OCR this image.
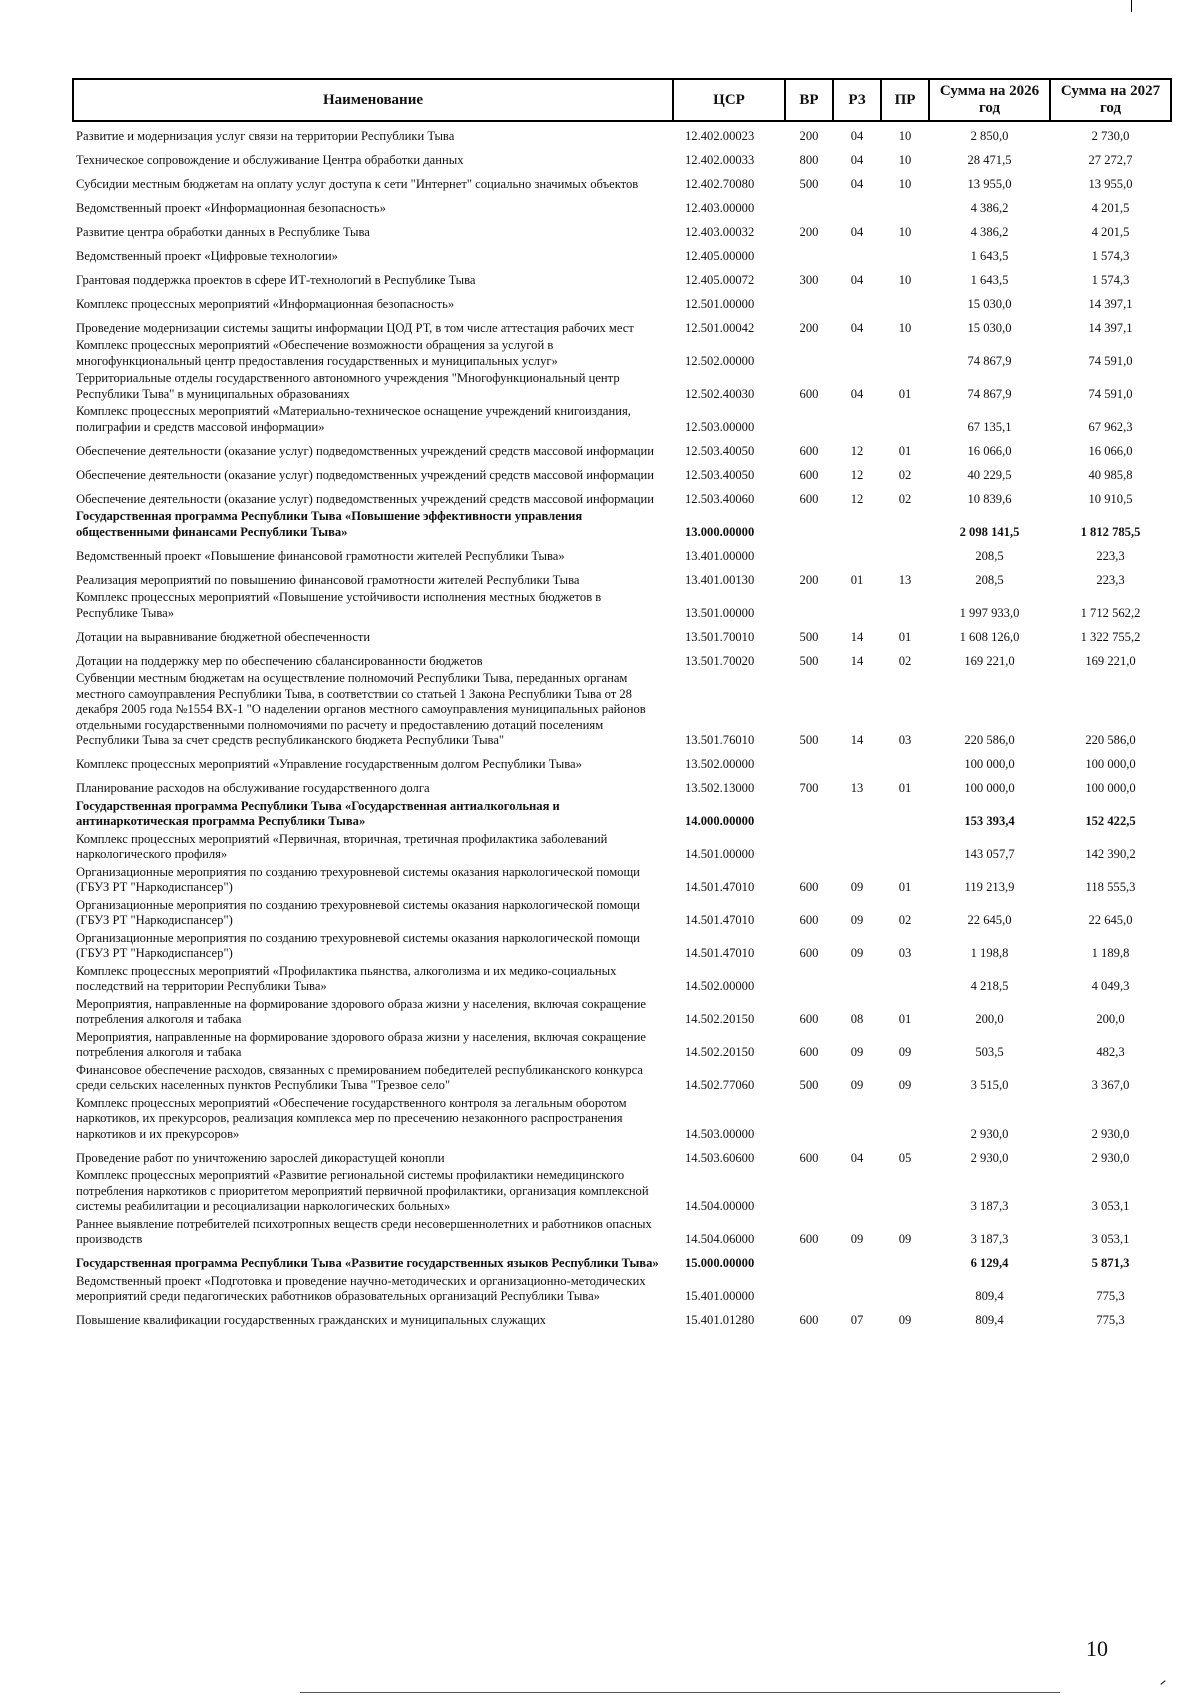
Наименование	ЦСР	ВР	РЗ	ПР	Сумма на 2026 год	Сумма на 2027 год
Развитие и модернизация услуг связи на территории Республики Тыва	12.402.00023	200	04	10	2 850,0	2 730,0
Техническое сопровождение и обслуживание Центра обработки данных	12.402.00033	800	04	10	28 471,5	27 272,7
Субсидии местным бюджетам на оплату услуг доступа к сети "Интернет" социально значимых объектов	12.402.70080	500	04	10	13 955,0	13 955,0
Ведомственный проект «Информационная безопасность»	12.403.00000				4 386,2	4 201,5
Развитие центра обработки данных в Республике Тыва	12.403.00032	200	04	10	4 386,2	4 201,5
Ведомственный проект «Цифровые технологии»	12.405.00000				1 643,5	1 574,3
Грантовая поддержка проектов в сфере ИТ-технологий в Республике Тыва	12.405.00072	300	04	10	1 643,5	1 574,3
Комплекс процессных мероприятий «Информационная безопасность»	12.501.00000				15 030,0	14 397,1
Проведение модернизации системы защиты информации ЦОД РТ, в том числе аттестация рабочих мест	12.501.00042	200	04	10	15 030,0	14 397,1
Комплекс процессных мероприятий «Обеспечение возможности обращения за услугой в многофункциональный центр предоставления государственных и муниципальных услуг»	12.502.00000				74 867,9	74 591,0
Территориальные отделы государственного автономного учреждения "Многофункциональный центр Республики Тыва" в муниципальных образованиях	12.502.40030	600	04	01	74 867,9	74 591,0
Комплекс процессных мероприятий «Материально-техническое оснащение учреждений книгоиздания, полиграфии и средств массовой информации»	12.503.00000				67 135,1	67 962,3
Обеспечение деятельности (оказание услуг) подведомственных учреждений средств массовой информации	12.503.40050	600	12	01	16 066,0	16 066,0
Обеспечение деятельности (оказание услуг) подведомственных учреждений средств массовой информации	12.503.40050	600	12	02	40 229,5	40 985,8
Обеспечение деятельности (оказание услуг) подведомственных учреждений средств массовой информации	12.503.40060	600	12	02	10 839,6	10 910,5
Государственная программа Республики Тыва «Повышение эффективности управления общественными финансами Республики Тыва»	13.000.00000				2 098 141,5	1 812 785,5
Ведомственный проект «Повышение финансовой грамотности жителей Республики Тыва»	13.401.00000				208,5	223,3
Реализация мероприятий по повышению финансовой грамотности жителей Республики Тыва	13.401.00130	200	01	13	208,5	223,3
Комплекс процессных мероприятий «Повышение устойчивости исполнения местных бюджетов в Республике Тыва»	13.501.00000				1 997 933,0	1 712 562,2
Дотации на выравнивание бюджетной обеспеченности	13.501.70010	500	14	01	1 608 126,0	1 322 755,2
Дотации на поддержку мер по обеспечению сбалансированности бюджетов	13.501.70020	500	14	02	169 221,0	169 221,0
Субвенции местным бюджетам на осуществление полномочий Республики Тыва, переданных органам местного самоуправления Республики Тыва, в соответствии со статьей 1 Закона Республики Тыва от 28 декабря 2005 года №1554 ВХ-1 "О наделении органов местного самоуправления муниципальных районов отдельными государственными полномочиями по расчету и предоставлению дотаций поселениям Республики Тыва за счет средств республиканского бюджета Республики Тыва"	13.501.76010	500	14	03	220 586,0	220 586,0
Комплекс процессных мероприятий «Управление государственным долгом Республики Тыва»	13.502.00000				100 000,0	100 000,0
Планирование расходов на обслуживание государственного долга	13.502.13000	700	13	01	100 000,0	100 000,0
Государственная программа Республики Тыва «Государственная антиалкогольная и антинаркотическая программа Республики Тыва»	14.000.00000				153 393,4	152 422,5
Комплекс процессных мероприятий «Первичная, вторичная, третичная профилактика заболеваний наркологического профиля»	14.501.00000				143 057,7	142 390,2
Организационные мероприятия по созданию трехуровневой системы оказания наркологической помощи (ГБУЗ РТ "Наркодиспансер")	14.501.47010	600	09	01	119 213,9	118 555,3
Организационные мероприятия по созданию трехуровневой системы оказания наркологической помощи (ГБУЗ РТ "Наркодиспансер")	14.501.47010	600	09	02	22 645,0	22 645,0
Организационные мероприятия по созданию трехуровневой системы оказания наркологической помощи (ГБУЗ РТ "Наркодиспансер")	14.501.47010	600	09	03	1 198,8	1 189,8
Комплекс процессных мероприятий «Профилактика пьянства, алкоголизма и их медико-социальных последствий на территории Республики Тыва»	14.502.00000				4 218,5	4 049,3
Мероприятия, направленные на формирование здорового образа жизни у населения, включая сокращение потребления алкоголя и табака	14.502.20150	600	08	01	200,0	200,0
Мероприятия, направленные на формирование здорового образа жизни у населения, включая сокращение потребления алкоголя и табака	14.502.20150	600	09	09	503,5	482,3
Финансовое обеспечение расходов, связанных с премированием победителей республиканского конкурса среди сельских населенных пунктов Республики Тыва "Трезвое село"	14.502.77060	500	09	09	3 515,0	3 367,0
Комплекс процессных мероприятий «Обеспечение государственного контроля за легальным оборотом наркотиков, их прекурсоров, реализация комплекса мер по пресечению незаконного распространения наркотиков и их прекурсоров»	14.503.00000				2 930,0	2 930,0
Проведение работ по уничтожению зарослей дикорастущей конопли	14.503.60600	600	04	05	2 930,0	2 930,0
Комплекс процессных мероприятий «Развитие региональной системы профилактики немедицинского потребления наркотиков с приоритетом мероприятий первичной профилактики, организация комплексной системы реабилитации и ресоциализации наркологических больных»	14.504.00000				3 187,3	3 053,1
Раннее выявление потребителей психотропных веществ среди несовершеннолетних и работников опасных производств	14.504.06000	600	09	09	3 187,3	3 053,1
Государственная программа Республики Тыва «Развитие государственных языков Республики Тыва»	15.000.00000				6 129,4	5 871,3
Ведомственный проект «Подготовка и проведение научно-методических и организационно-методических мероприятий среди педагогических работников образовательных организаций Республики Тыва»	15.401.00000				809,4	775,3
Повышение квалификации государственных гражданских и муниципальных служащих	15.401.01280	600	07	09	809,4	775,3
10
